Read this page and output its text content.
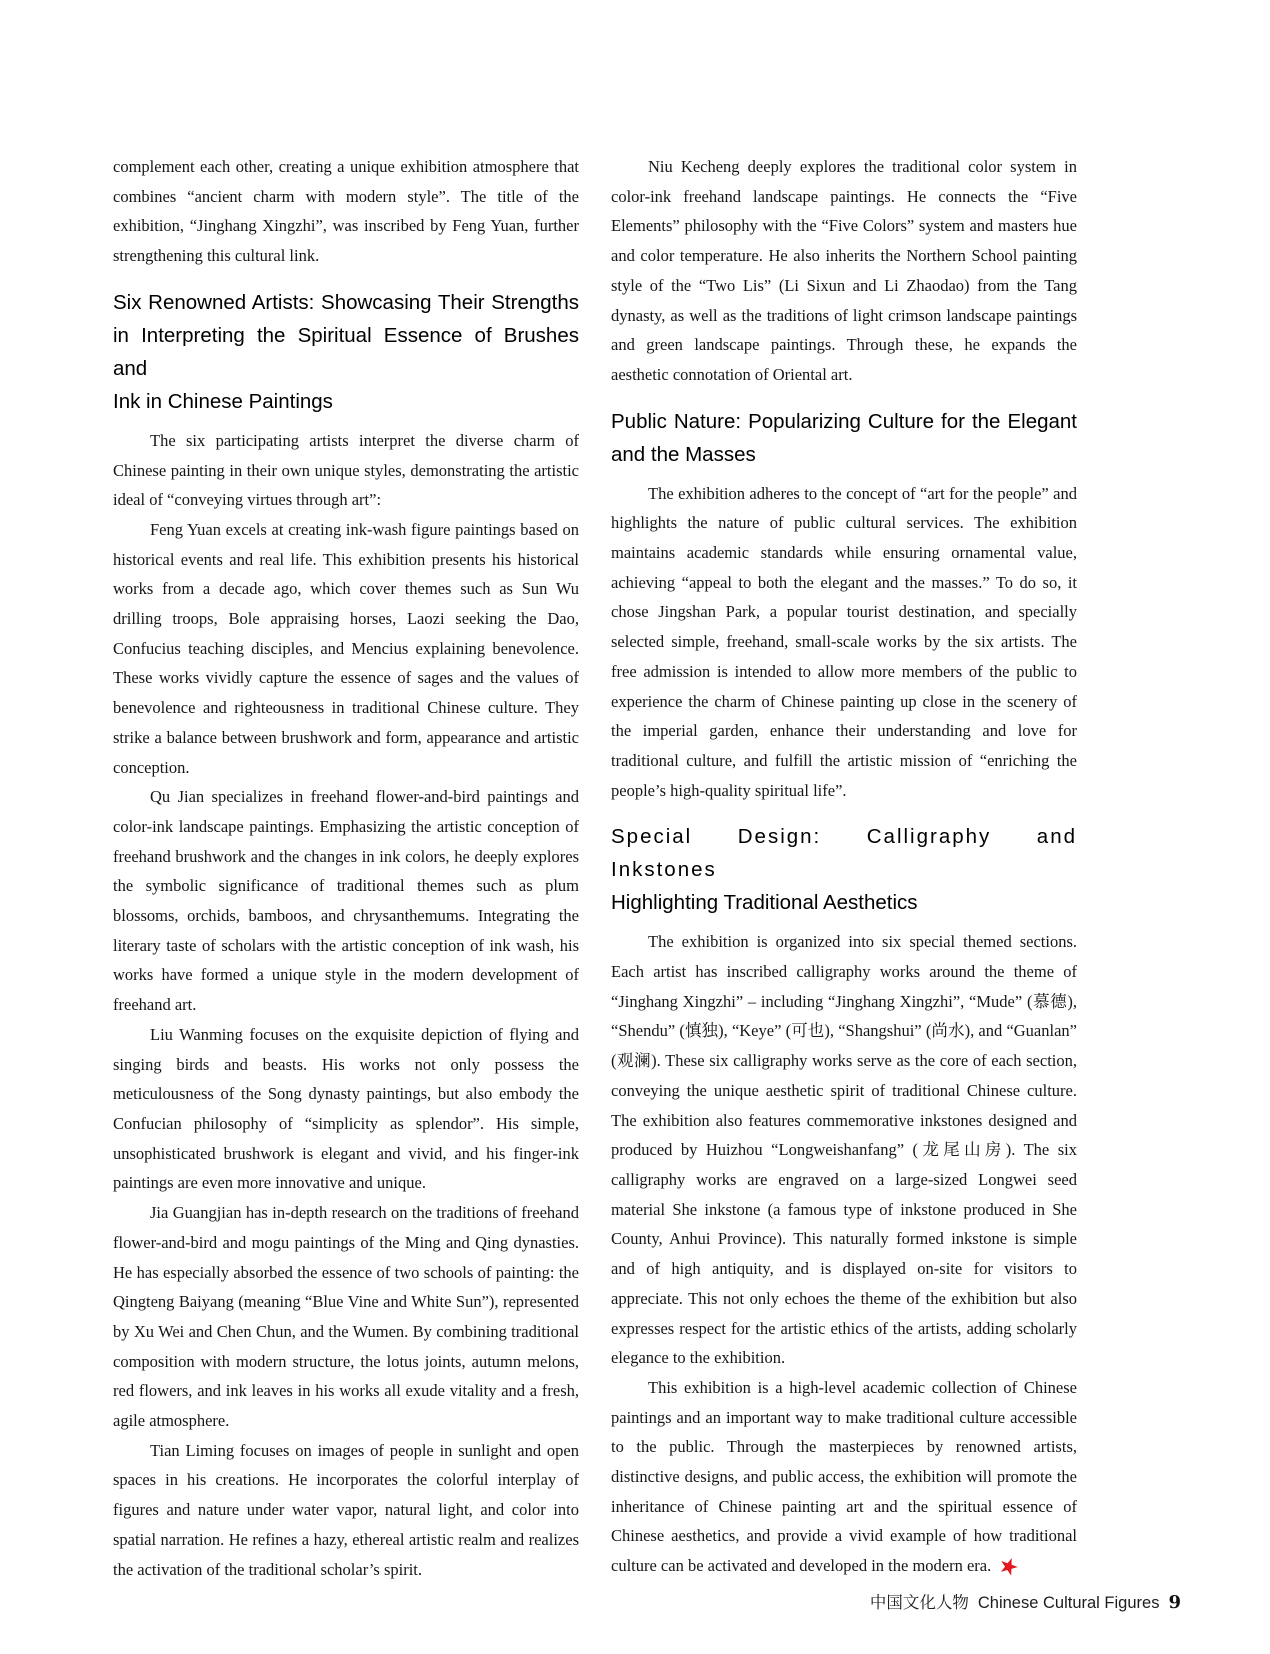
complement each other, creating a unique exhibition atmosphere that combines “ancient charm with modern style”. The title of the exhibition, “Jinghang Xingzhi”, was inscribed by Feng Yuan, further strengthening this cultural link.

Six Renowned Artists: Showcasing Their Strengths
in Interpreting the Spiritual Essence of Brushes and
Ink in Chinese Paintings

The six participating artists interpret the diverse charm of Chinese painting in their own unique styles, demonstrating the artistic ideal of “conveying virtues through art”:

Feng Yuan excels at creating ink-wash figure paintings based on historical events and real life. This exhibition presents his historical works from a decade ago, which cover themes such as Sun Wu drilling troops, Bole appraising horses, Laozi seeking the Dao, Confucius teaching disciples, and Mencius explaining benevolence. These works vividly capture the essence of sages and the values of benevolence and righteousness in traditional Chinese culture. They strike a balance between brushwork and form, appearance and artistic conception.

Qu Jian specializes in freehand flower-and-bird paintings and color-ink landscape paintings. Emphasizing the artistic conception of freehand brushwork and the changes in ink colors, he deeply explores the symbolic significance of traditional themes such as plum blossoms, orchids, bamboos, and chrysanthemums. Integrating the literary taste of scholars with the artistic conception of ink wash, his works have formed a unique style in the modern development of freehand art.

Liu Wanming focuses on the exquisite depiction of flying and singing birds and beasts. His works not only possess the meticulousness of the Song dynasty paintings, but also embody the Confucian philosophy of “simplicity as splendor”. His simple, unsophisticated brushwork is elegant and vivid, and his finger-ink paintings are even more innovative and unique.

Jia Guangjian has in-depth research on the traditions of freehand flower-and-bird and mogu paintings of the Ming and Qing dynasties. He has especially absorbed the essence of two schools of painting: the Qingteng Baiyang (meaning “Blue Vine and White Sun”), represented by Xu Wei and Chen Chun, and the Wumen. By combining traditional composition with modern structure, the lotus joints, autumn melons, red flowers, and ink leaves in his works all exude vitality and a fresh, agile atmosphere.

Tian Liming focuses on images of people in sunlight and open spaces in his creations. He incorporates the colorful interplay of figures and nature under water vapor, natural light, and color into spatial narration. He refines a hazy, ethereal artistic realm and realizes the activation of the traditional scholar’s spirit.

Niu Kecheng deeply explores the traditional color system in color-ink freehand landscape paintings. He connects the “Five Elements” philosophy with the “Five Colors” system and masters hue and color temperature. He also inherits the Northern School painting style of the “Two Lis” (Li Sixun and Li Zhaodao) from the Tang dynasty, as well as the traditions of light crimson landscape paintings and green landscape paintings. Through these, he expands the aesthetic connotation of Oriental art.

Public Nature: Popularizing Culture for the Elegant
and the Masses

The exhibition adheres to the concept of “art for the people” and highlights the nature of public cultural services. The exhibition maintains academic standards while ensuring ornamental value, achieving “appeal to both the elegant and the masses.” To do so, it chose Jingshan Park, a popular tourist destination, and specially selected simple, freehand, small-scale works by the six artists. The free admission is intended to allow more members of the public to experience the charm of Chinese painting up close in the scenery of the imperial garden, enhance their understanding and love for traditional culture, and fulfill the artistic mission of “enriching the people’s high-quality spiritual life”.

Special Design: Calligraphy and Inkstones
Highlighting Traditional Aesthetics

The exhibition is organized into six special themed sections. Each artist has inscribed calligraphy works around the theme of “Jinghang Xingzhi” – including “Jinghang Xingzhi”, “Mude” (慕德), “Shendu” (慎独), “Keye” (可也), “Shangshui” (尚水), and “Guanlan” (观澜). These six calligraphy works serve as the core of each section, conveying the unique aesthetic spirit of traditional Chinese culture. The exhibition also features commemorative inkstones designed and produced by Huizhou “Longweishanfang” (龙尾山房). The six calligraphy works are engraved on a large-sized Longwei seed material She inkstone (a famous type of inkstone produced in She County, Anhui Province). This naturally formed inkstone is simple and of high antiquity, and is displayed on-site for visitors to appreciate. This not only echoes the theme of the exhibition but also expresses respect for the artistic ethics of the artists, adding scholarly elegance to the exhibition.

This exhibition is a high-level academic collection of Chinese paintings and an important way to make traditional culture accessible to the public. Through the masterpieces by renowned artists, distinctive designs, and public access, the exhibition will promote the inheritance of Chinese painting art and the spiritual essence of Chinese aesthetics, and provide a vivid example of how traditional culture can be activated and developed in the modern era. ★

中国文化人物 Chinese Cultural Figures 9
